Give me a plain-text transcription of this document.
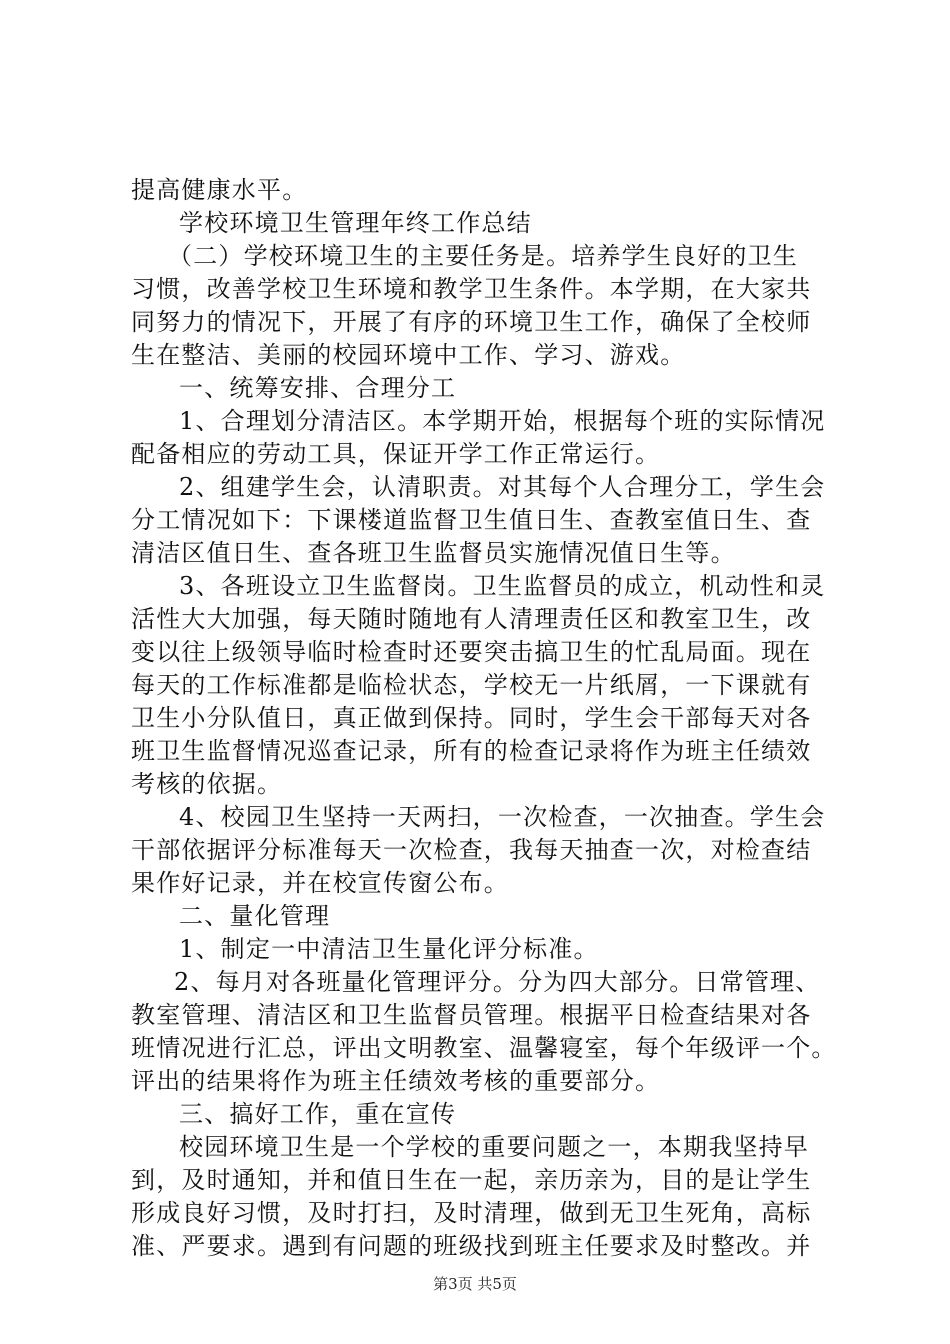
提高健康水平。
学校环境卫生管理年终工作总结
（二）学校环境卫生的主要任务是。培养学生良好的卫生
习惯，改善学校卫生环境和教学卫生条件。本学期，在大家共
同努力的情况下，开展了有序的环境卫生工作，确保了全校师
生在整洁、美丽的校园环境中工作、学习、游戏。
一、统筹安排、合理分工
1、合理划分清洁区。本学期开始，根据每个班的实际情况
配备相应的劳动工具，保证开学工作正常运行。
2、组建学生会，认清职责。对其每个人合理分工，学生会
分工情况如下：下课楼道监督卫生值日生、查教室值日生、查
清洁区值日生、查各班卫生监督员实施情况值日生等。
3、各班设立卫生监督岗。卫生监督员的成立，机动性和灵
活性大大加强，每天随时随地有人清理责任区和教室卫生，改
变以往上级领导临时检查时还要突击搞卫生的忙乱局面。现在
每天的工作标准都是临检状态，学校无一片纸屑，一下课就有
卫生小分队值日，真正做到保持。同时，学生会干部每天对各
班卫生监督情况巡查记录，所有的检查记录将作为班主任绩效
考核的依据。
4、校园卫生坚持一天两扫，一次检查，一次抽查。学生会
干部依据评分标准每天一次检查，我每天抽查一次，对检查结
果作好记录，并在校宣传窗公布。
二、量化管理
1、制定一中清洁卫生量化评分标准。
2、每月对各班量化管理评分。分为四大部分。日常管理、
教室管理、清洁区和卫生监督员管理。根据平日检查结果对各
班情况进行汇总，评出文明教室、温馨寝室，每个年级评一个。
评出的结果将作为班主任绩效考核的重要部分。
三、搞好工作，重在宣传
校园环境卫生是一个学校的重要问题之一，本期我坚持早
到，及时通知，并和值日生在一起，亲历亲为，目的是让学生
形成良好习惯，及时打扫，及时清理，做到无卫生死角，高标
准、严要求。遇到有问题的班级找到班主任要求及时整改。并
第3页 共5页
